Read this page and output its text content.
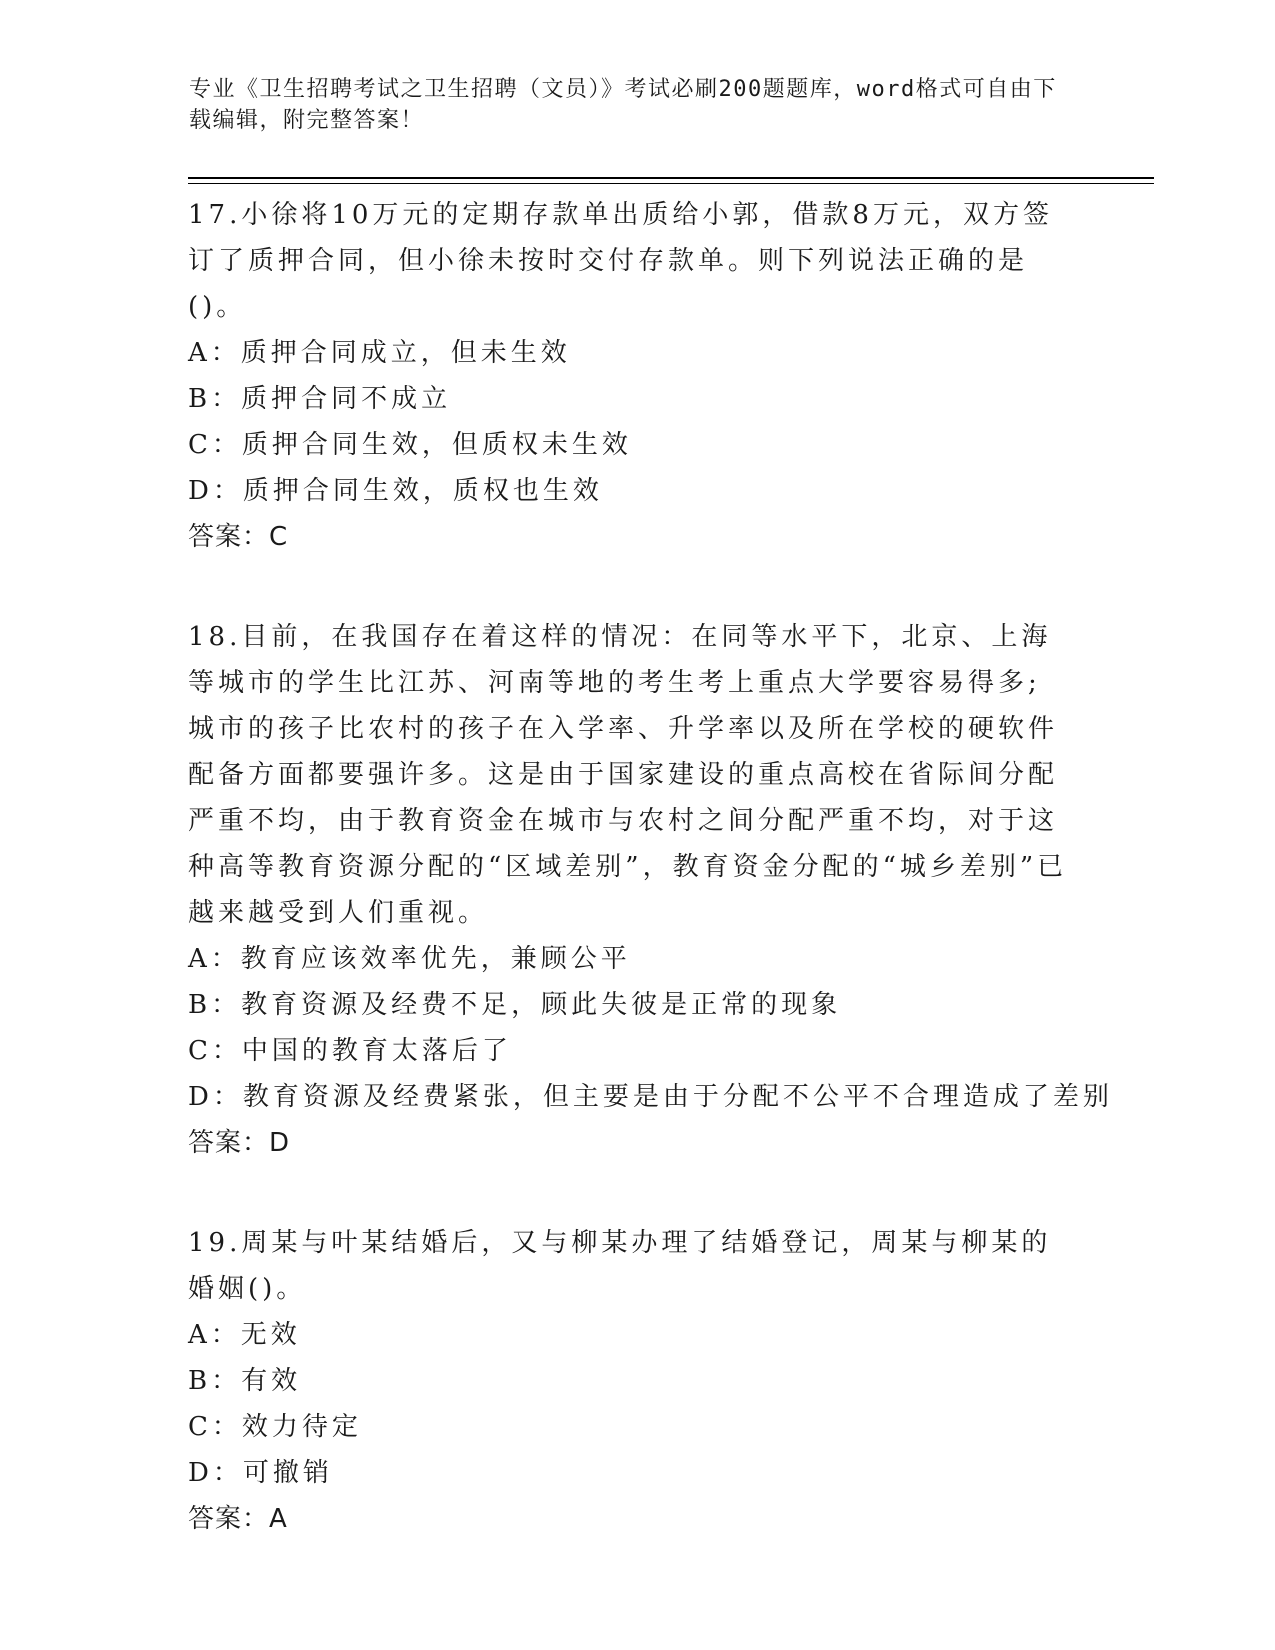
专业《卫生招聘考试之卫生招聘（文员）》考试必刷200题题库，word格式可自由下载编辑，附完整答案！
17.小徐将10万元的定期存款单出质给小郭，借款8万元，双方签订了质押合同，但小徐未按时交付存款单。则下列说法正确的是()。
A：质押合同成立，但未生效
B：质押合同不成立
C：质押合同生效，但质权未生效
D：质押合同生效，质权也生效
答案：C
18.目前，在我国存在着这样的情况：在同等水平下，北京、上海等城市的学生比江苏、河南等地的考生考上重点大学要容易得多;城市的孩子比农村的孩子在入学率、升学率以及所在学校的硬软件配备方面都要强许多。这是由于国家建设的重点高校在省际间分配严重不均，由于教育资金在城市与农村之间分配严重不均，对于这种高等教育资源分配的“区域差别”，教育资金分配的“城乡差别”已越来越受到人们重视。
A：教育应该效率优先，兼顾公平
B：教育资源及经费不足，顾此失彼是正常的现象
C：中国的教育太落后了
D：教育资源及经费紧张，但主要是由于分配不公平不合理造成了差别
答案：D
19.周某与叶某结婚后，又与柳某办理了结婚登记，周某与柳某的婚姻()。
A：无效
B：有效
C：效力待定
D：可撤销
答案：A
